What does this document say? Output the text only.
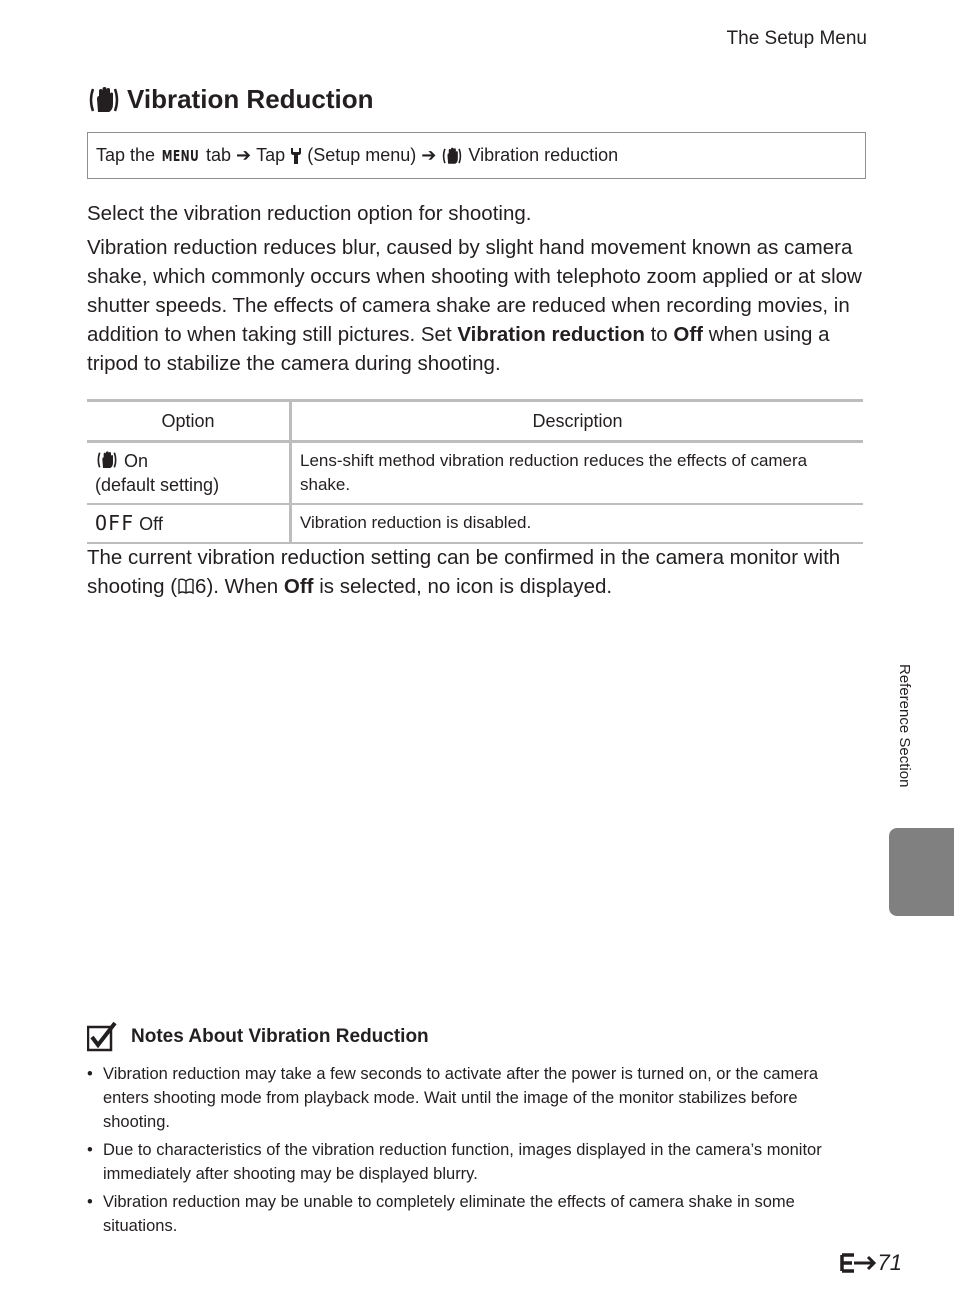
The Setup Menu
Vibration Reduction
Tap the
MENU
tab
➔
Tap

(Setup menu)
➔

Vibration reduction

Select the vibration reduction option for shooting.

Vibration reduction reduces blur, caused by slight hand movement known as camera shake, which commonly occurs when shooting with telephoto zoom applied or at slow shutter speeds. The effects of camera shake are reduced when recording movies, in addition to when taking still pictures. Set Vibration reduction to Off when using a tripod to stabilize the camera during shooting.

Option	Description
On
(default setting)	Lens-shift method vibration reduction reduces the effects of camera shake.
OFF Off	Vibration reduction is disabled.

The current vibration reduction setting can be confirmed in the camera monitor with shooting ( 6). When Off is selected, no icon is displayed.

Reference Section
Notes About Vibration Reduction
• Vibration reduction may take a few seconds to activate after the power is turned on, or the camera enters shooting mode from playback mode. Wait until the image of the monitor stabilizes before shooting.
• Due to characteristics of the vibration reduction function, images displayed in the camera’s monitor immediately after shooting may be displayed blurry.
• Vibration reduction may be unable to completely eliminate the effects of camera shake in some situations.
71
